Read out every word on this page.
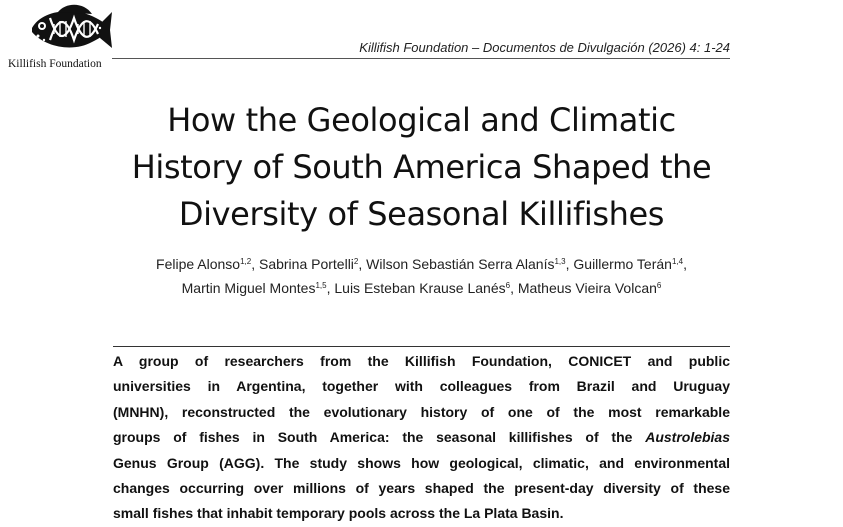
Killifish Foundation
Killifish Foundation – Documentos de Divulgación (2026) 4: 1-24
How the Geological and Climatic
History of South America Shaped the
Diversity of Seasonal Killifishes
Felipe Alonso$^{1,2}$, Sabrina Portelli$^2$, Wilson Sebastián Serra Alanís$^{1,3}$, Guillermo Terán$^{1,4}$,
Martin Miguel Montes$^{1,5}$, Luis Esteban Krause Lanés$^6$, Matheus Vieira Volcan$^6$
A group of researchers from the Killifish Foundation, CONICET and public
universities in Argentina, together with colleagues from Brazil and Uruguay
(MNHN), reconstructed the evolutionary history of one of the most remarkable
groups of fishes in South America: the seasonal killifishes of the Austrolebias
Genus Group (AGG). The study shows how geological, climatic, and environmental
changes occurring over millions of years shaped the present-day diversity of these
small fishes that inhabit temporary pools across the La Plata Basin.
